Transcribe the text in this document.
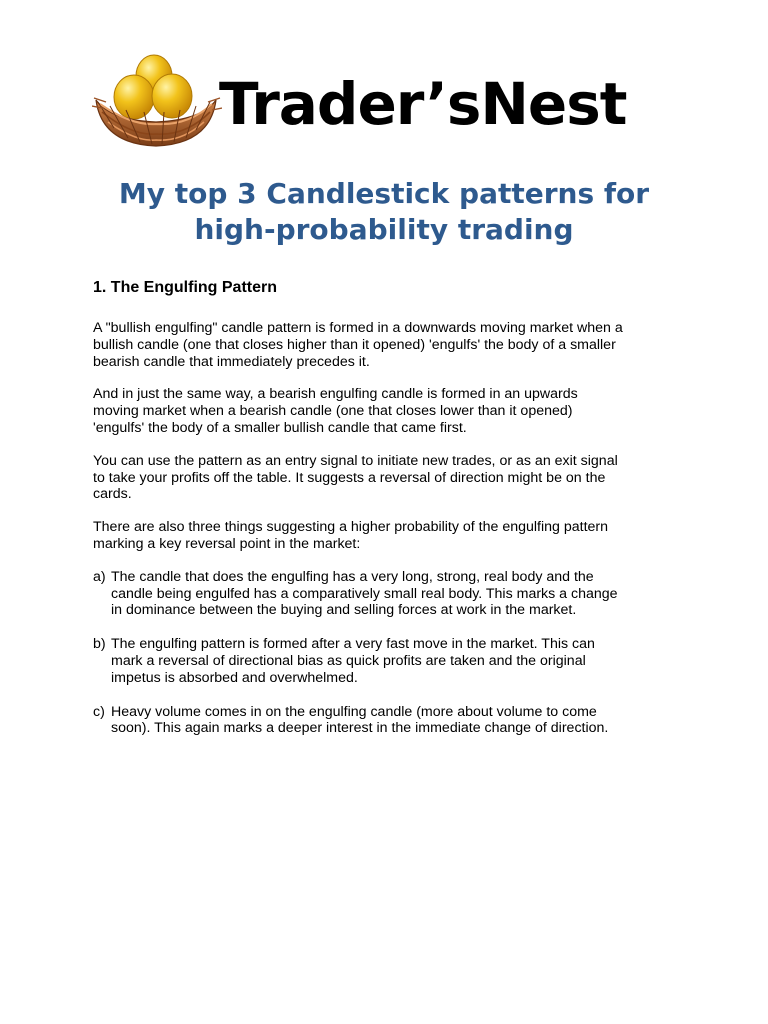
Trader’sNest
My top 3 Candlestick patterns for
high-probability trading
1. The Engulfing Pattern

A "bullish engulfing" candle pattern is formed in a downwards moving market when a
bullish candle (one that closes higher than it opened) 'engulfs' the body of a smaller
bearish candle that immediately precedes it.

And in just the same way, a bearish engulfing candle is formed in an upwards
moving market when a bearish candle (one that closes lower than it opened)
'engulfs' the body of a smaller bullish candle that came first.

You can use the pattern as an entry signal to initiate new trades, or as an exit signal
to take your profits off the table. It suggests a reversal of direction might be on the
cards.

There are also three things suggesting a higher probability of the engulfing pattern
marking a key reversal point in the market:

a) The candle that does the engulfing has a very long, strong, real body and the
candle being engulfed has a comparatively small real body. This marks a change
in dominance between the buying and selling forces at work in the market.
b) The engulfing pattern is formed after a very fast move in the market. This can
mark a reversal of directional bias as quick profits are taken and the original
impetus is absorbed and overwhelmed.
c) Heavy volume comes in on the engulfing candle (more about volume to come
soon). This again marks a deeper interest in the immediate change of direction.
